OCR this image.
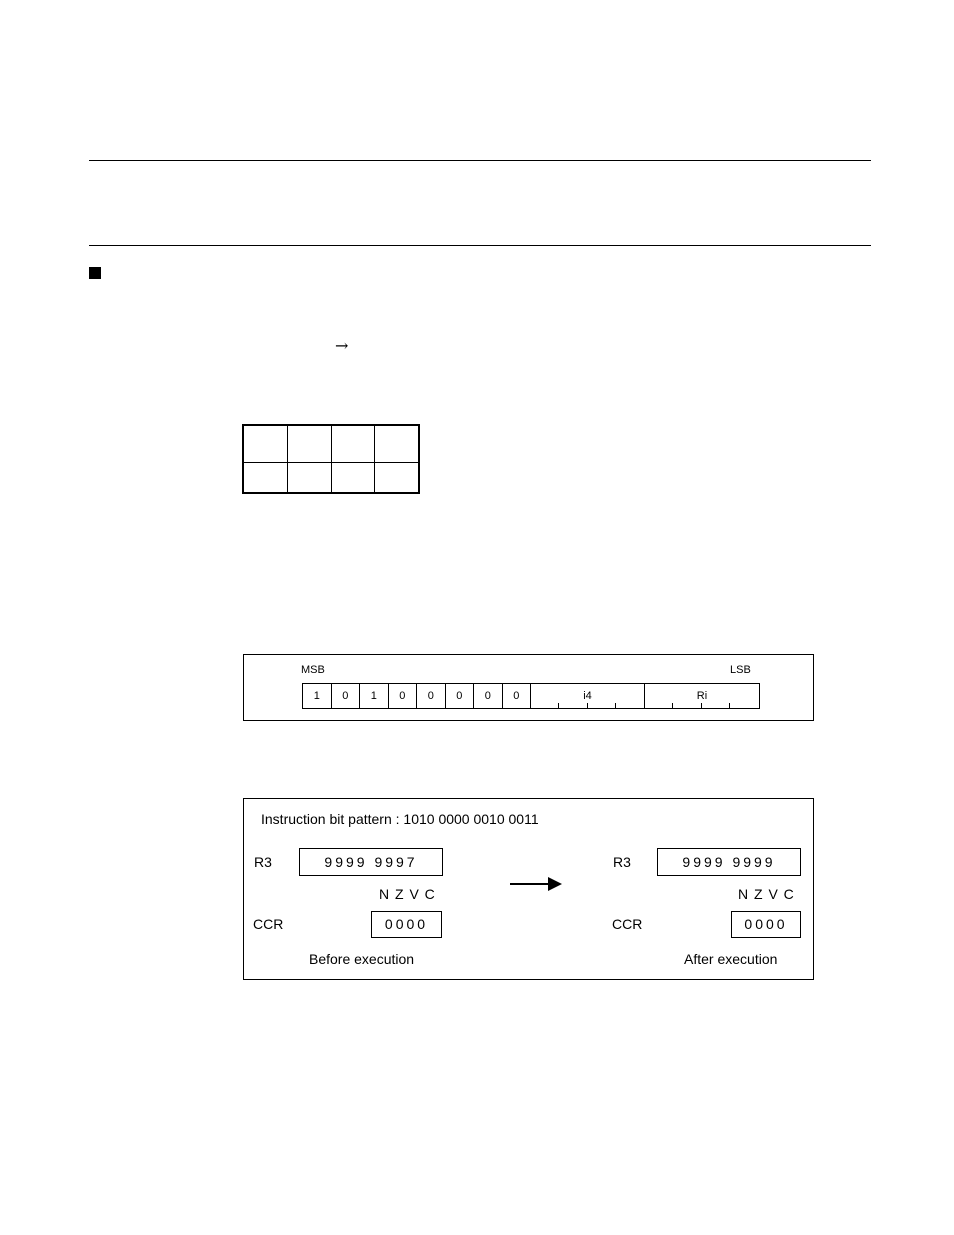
→

MSB	LSB
1	0	1	0	0	0	0	0	i4	Ri
Instruction bit pattern : 1010 0000 0010 0011
R3	9999 9997
N Z V C
CCR	0000
Before execution
R3	9999 9999
N Z V C
CCR	0000
After execution
